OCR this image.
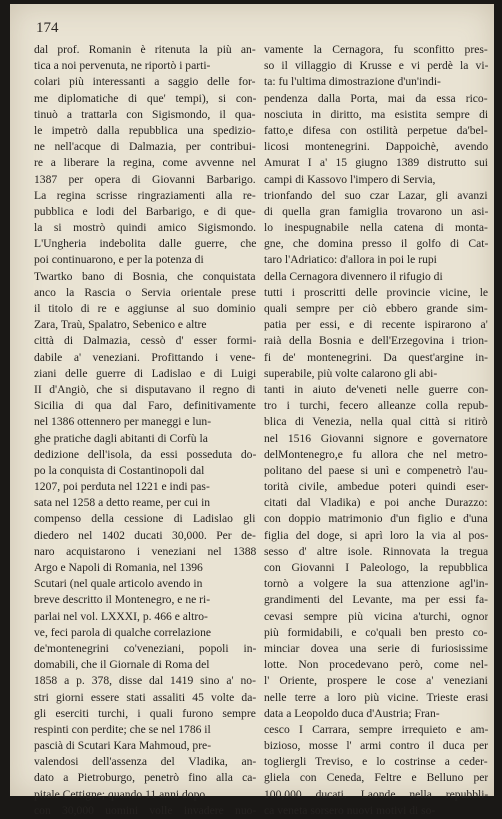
174
dal prof. Romanin è ritenuta la più an-
tica a noi pervenuta, ne riportò i parti-
colari più interessanti a saggio delle for-
me diplomatiche di que' tempi), si con-
tinuò a trattarla con Sigismondo, il qua-
le impetrò dalla repubblica una spedizio-
ne nell'acque di Dalmazia, per contribui-
re a liberare la regina, come avvenne nel
1387 per opera di Giovanni Barbarigo.
La regina scrisse ringraziamenti alla re-
pubblica e lodi del Barbarigo, e di que-
la si mostrò quindi amico Sigismondo.
L'Ungheria indebolita dalle guerre, che
poi continuarono, e per la potenza di
Twartko bano di Bosnia, che conquistata
anco la Rascia o Servia orientale prese
il titolo di re e aggiunse al suo dominio
Zara, Traù, Spalatro, Sebenico e altre
città di Dalmazia, cessò d' esser formi-
dabile a' veneziani. Profittando i vene-
ziani delle guerre di Ladislao e di Luigi
II d'Angiò, che si disputavano il regno di
Sicilia di qua dal Faro, definitivamente
nel 1386 ottennero per maneggi e lun-
ghe pratiche dagli abitanti di Corfù la
dedizione dell'isola, da essi posseduta do-
po la conquista di Costantinopoli dal
1207, poi perduta nel 1221 e indi pas-
sata nel 1258 a detto reame, per cui in
compenso della cessione di Ladislao gli
diedero nel 1402 ducati 30,000. Per de-
naro acquistarono i veneziani nel 1388
Argo e Napoli di Romania, nel 1396
Scutari (nel quale articolo avendo in
breve descritto il Montenegro, e ne ri-
parlai nel vol. LXXXI, p. 466 e altro-
ve, feci parola di qualche correlazione
de'montenegrini co'veneziani, popoli in-
domabili, che il Giornale di Roma del
1858 a p. 378, disse dal 1419 sino a' no-
stri giorni essere stati assaliti 45 volte da-
gli eserciti turchi, i quali furono sempre
respinti con perdite; che se nel 1786 il
pascià di Scutari Kara Mahmoud, pre-
valendosi dell'assenza del Vladika, an-
dato a Pietroburgo, penetrò fino alla ca-
pitale Cettigne; quando 11 anni dopo
con 30,000 uomini volle invadere nuo-
vamente la Cernagora, fu sconfitto pres-
so il villaggio di Krusse e vi perdè la vi-
ta: fu l'ultima dimostrazione d'un'indi-
pendenza dalla Porta, mai da essa rico-
nosciuta in diritto, ma esistita sempre di
fatto,e difesa con ostilità perpetue da'bel-
licosi montenegrini. Dappoichè, avendo
Amurat I a' 15 giugno 1389 distrutto sui
campi di Kassovo l'impero di Servia,
trionfando del suo czar Lazar, gli avanzi
di quella gran famiglia trovarono un asi-
lo inespugnabile nella catena di monta-
gne, che domina presso il golfo di Cat-
taro l'Adriatico: d'allora in poi le rupi
della Cernagora divennero il rifugio di
tutti i proscritti delle provincie vicine, le
quali sempre per ciò ebbero grande sim-
patia per essi, e di recente ispirarono a'
raià della Bosnia e dell'Erzegovina i trion-
fi de' montenegrini. Da quest'argine in-
superabile, più volte calarono gli abi-
tanti in aiuto de'veneti nelle guerre con-
tro i turchi, fecero alleanze colla repub-
blica di Venezia, nella qual città si ritirò
nel 1516 Giovanni signore e governatore
delMontenegro,e fu allora che nel metro-
politano del paese si unì e compenetrò l'au-
torità civile, ambedue poteri quindi eser-
citati dal Vladika) e poi anche Durazzo:
con doppio matrimonio d'un figlio e d'una
figlia del doge, si aprì loro la via al pos-
sesso d' altre isole. Rinnovata la tregua
con Giovanni I Paleologo, la repubblica
tornò a volgere la sua attenzione agl'in-
grandimenti del Levante, ma per essi fa-
cevasi sempre più vicina a'turchi, ognor
più formidabili, e co'quali ben presto co-
minciar dovea una serie di furiosissime
lotte. Non procedevano però, come nel-
l' Oriente, prospere le cose a' veneziani
nelle terre a loro più vicine. Trieste erasi
data a Leopoldo duca d'Austria; Fran-
cesco I Carrara, sempre irrequieto e am-
bizioso, mosse l' armi contro il duca per
togliergli Treviso, e lo costrinse a ceder-
gliela con Ceneda, Feltre e Belluno per
100,000 ducati. Laonde nella repubbli-
ca veneta sorsero nuovi motivi di so-
